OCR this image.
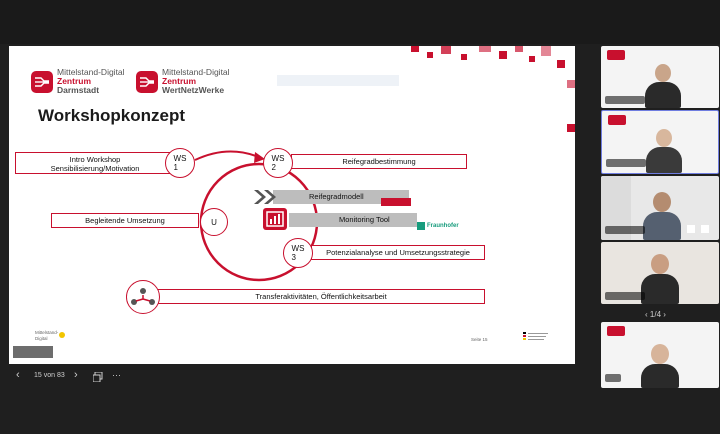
Mittelstand-Digital
Zentrum
Darmstadt
Mittelstand-Digital
Zentrum
WertNetzWerke
Workshopkonzept
Intro Workshop
Sensibilisierung/Motivation
WS
1
Reifegradbestimmung
WS
2
Reifegradmodell
Monitoring Tool
Fraunhofer
Begleitende Umsetzung	U
Potenzialanalyse und Umsetzungsstrategie
WS
3
Transferaktivitäten, Öffentlichkeitsarbeit
Mittelstand-
Digital	Seite 15
‹ 15 von 83 ›	···
‹ 1/4 ›
